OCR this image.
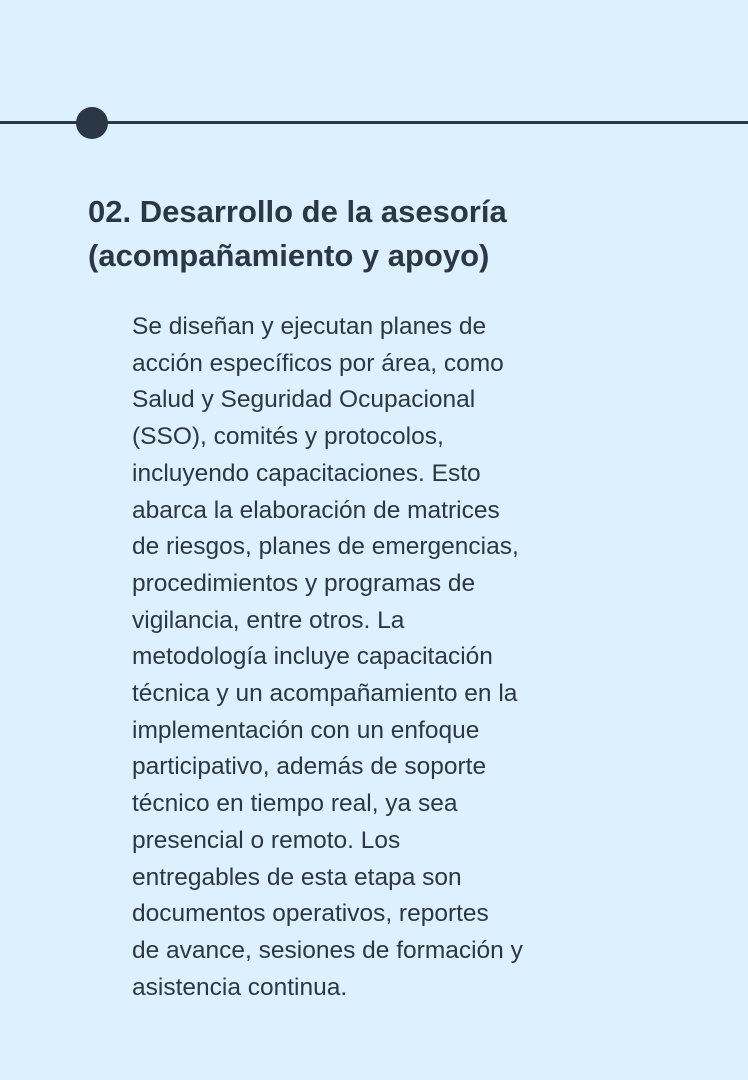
02. Desarrollo de la asesoría
(acompañamiento y apoyo)

Se diseñan y ejecutan planes de
acción específicos por área, como
Salud y Seguridad Ocupacional
(SSO), comités y protocolos,
incluyendo capacitaciones. Esto
abarca la elaboración de matrices
de riesgos, planes de emergencias,
procedimientos y programas de
vigilancia, entre otros. La
metodología incluye capacitación
técnica y un acompañamiento en la
implementación con un enfoque
participativo, además de soporte
técnico en tiempo real, ya sea
presencial o remoto. Los
entregables de esta etapa son
documentos operativos, reportes
de avance, sesiones de formación y
asistencia continua.
